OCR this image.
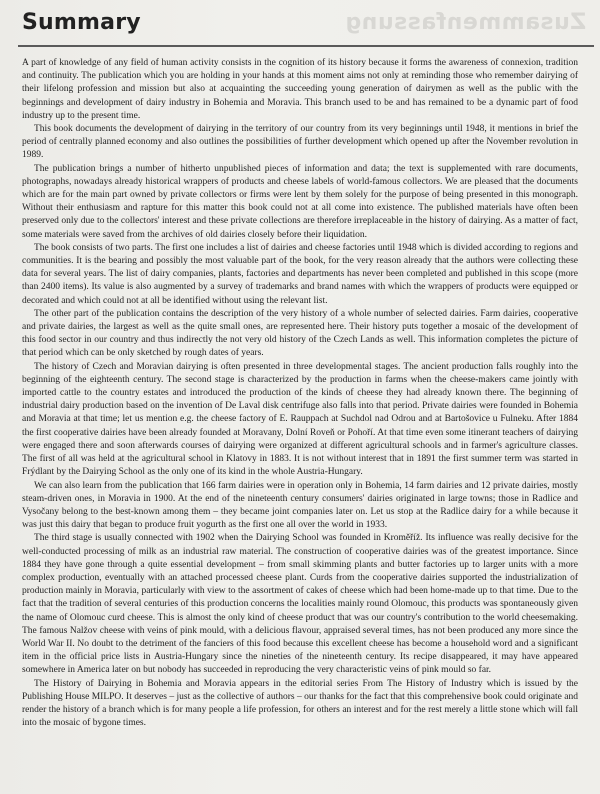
Zusammenfassung
Summary

A part of knowledge of any field of human activity consists in the cognition of its history because it forms the awareness of connexion, tradition and continuity. The publication which you are holding in your hands at this moment aims not only at reminding those who remember dairying of their lifelong profession and mission but also at acquainting the succeeding young generation of dairymen as well as the public with the beginnings and development of dairy industry in Bohemia and Moravia. This branch used to be and has remained to be a dynamic part of food industry up to the present time.

This book documents the development of dairying in the territory of our country from its very beginnings until 1948, it mentions in brief the period of centrally planned economy and also outlines the possibilities of further development which opened up after the November revolution in 1989.

The publication brings a number of hitherto unpublished pieces of information and data; the text is supplemented with rare documents, photographs, nowadays already historical wrappers of products and cheese labels of world-famous collectors. We are pleased that the documents which are for the main part owned by private collectors or firms were lent by them solely for the purpose of being presented in this monograph. Without their enthusiasm and rapture for this matter this book could not at all come into existence. The published materials have often been preserved only due to the collectors' interest and these private collections are therefore irreplaceable in the history of dairying. As a matter of fact, some materials were saved from the archives of old dairies closely before their liquidation.

The book consists of two parts. The first one includes a list of dairies and cheese factories until 1948 which is divided according to regions and communities. It is the bearing and possibly the most valuable part of the book, for the very reason already that the authors were collecting these data for several years. The list of dairy companies, plants, factories and departments has never been completed and published in this scope (more than 2400 items). Its value is also augmented by a survey of trademarks and brand names with which the wrappers of products were equipped or decorated and which could not at all be identified without using the relevant list.

The other part of the publication contains the description of the very history of a whole number of selected dairies. Farm dairies, cooperative and private dairies, the largest as well as the quite small ones, are represented here. Their history puts together a mosaic of the development of this food sector in our country and thus indirectly the not very old history of the Czech Lands as well. This information completes the picture of that period which can be only sketched by rough dates of years.

The history of Czech and Moravian dairying is often presented in three developmental stages. The ancient production falls roughly into the beginning of the eighteenth century. The second stage is characterized by the production in farms when the cheese-makers came jointly with imported cattle to the country estates and introduced the production of the kinds of cheese they had already known there. The beginning of industrial dairy production based on the invention of De Laval disk centrifuge also falls into that period. Private dairies were founded in Bohemia and Moravia at that time; let us mention e.g. the cheese factory of E. Rauppach at Suchdol nad Odrou and at Bartošovice u Fulneku. After 1884 the first cooperative dairies have been already founded at Moravany, Dolní Roveň or Pohoří. At that time even some itinerant teachers of dairying were engaged there and soon afterwards courses of dairying were organized at different agricultural schools and in farmer's agriculture classes. The first of all was held at the agricultural school in Klatovy in 1883. It is not without interest that in 1891 the first summer term was started in Frýdlant by the Dairying School as the only one of its kind in the whole Austria-Hungary.

We can also learn from the publication that 166 farm dairies were in operation only in Bohemia, 14 farm dairies and 12 private dairies, mostly steam-driven ones, in Moravia in 1900. At the end of the nineteenth century consumers' dairies originated in large towns; those in Radlice and Vysočany belong to the best-known among them – they became joint companies later on. Let us stop at the Radlice dairy for a while because it was just this dairy that began to produce fruit yogurth as the first one all over the world in 1933.

The third stage is usually connected with 1902 when the Dairying School was founded in Kroměříž. Its influence was really decisive for the well-conducted processing of milk as an industrial raw material. The construction of cooperative dairies was of the greatest importance. Since 1884 they have gone through a quite essential development – from small skimming plants and butter factories up to larger units with a more complex production, eventually with an attached processed cheese plant. Curds from the cooperative dairies supported the industrialization of production mainly in Moravia, particularly with view to the assortment of cakes of cheese which had been home-made up to that time. Due to the fact that the tradition of several centuries of this production concerns the localities mainly round Olomouc, this products was spontaneously given the name of Olomouc curd cheese. This is almost the only kind of cheese product that was our country's contribution to the world cheesemaking. The famous Nalžov cheese with veins of pink mould, with a delicious flavour, appraised several times, has not been produced any more since the World War II. No doubt to the detriment of the fanciers of this food because this excellent cheese has become a household word and a significant item in the official price lists in Austria-Hungary since the nineties of the nineteenth century. Its recipe disappeared, it may have appeared somewhere in America later on but nobody has succeeded in reproducing the very characteristic veins of pink mould so far.

The History of Dairying in Bohemia and Moravia appears in the editorial series From The History of Industry which is issued by the Publishing House MILPO. It deserves – just as the collective of authors – our thanks for the fact that this comprehensive book could originate and render the history of a branch which is for many people a life profession, for others an interest and for the rest merely a little stone which will fall into the mosaic of bygone times.
